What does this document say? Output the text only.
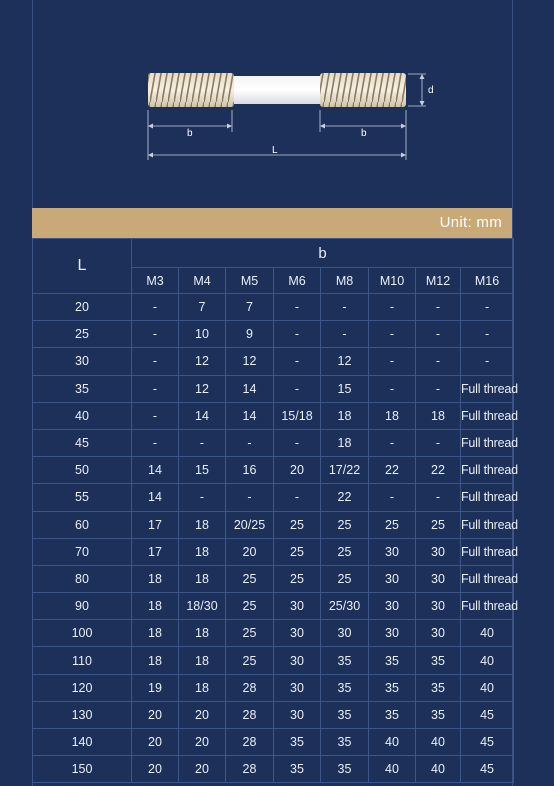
d
b	b
L
Unit: mm
L	b							
	M3	M4	M5	M6	M8	M10	M12	M16
20	-	7	7	-	-	-	-	-
25	-	10	9	-	-	-	-	-
30	-	12	12	-	12	-	-	-
35	-	12	14	-	15	-	-	Full thread
40	-	14	14	15/18	18	18	18	Full thread
45	-	-	-	-	18	-	-	Full thread
50	14	15	16	20	17/22	22	22	Full thread
55	14	-	-	-	22	-	-	Full thread
60	17	18	20/25	25	25	25	25	Full thread
70	17	18	20	25	25	30	30	Full thread
80	18	18	25	25	25	30	30	Full thread
90	18	18/30	25	30	25/30	30	30	Full thread
100	18	18	25	30	30	30	30	40
110	18	18	25	30	35	35	35	40
120	19	18	28	30	35	35	35	40
130	20	20	28	30	35	35	35	45
140	20	20	28	35	35	40	40	45
150	20	20	28	35	35	40	40	45
